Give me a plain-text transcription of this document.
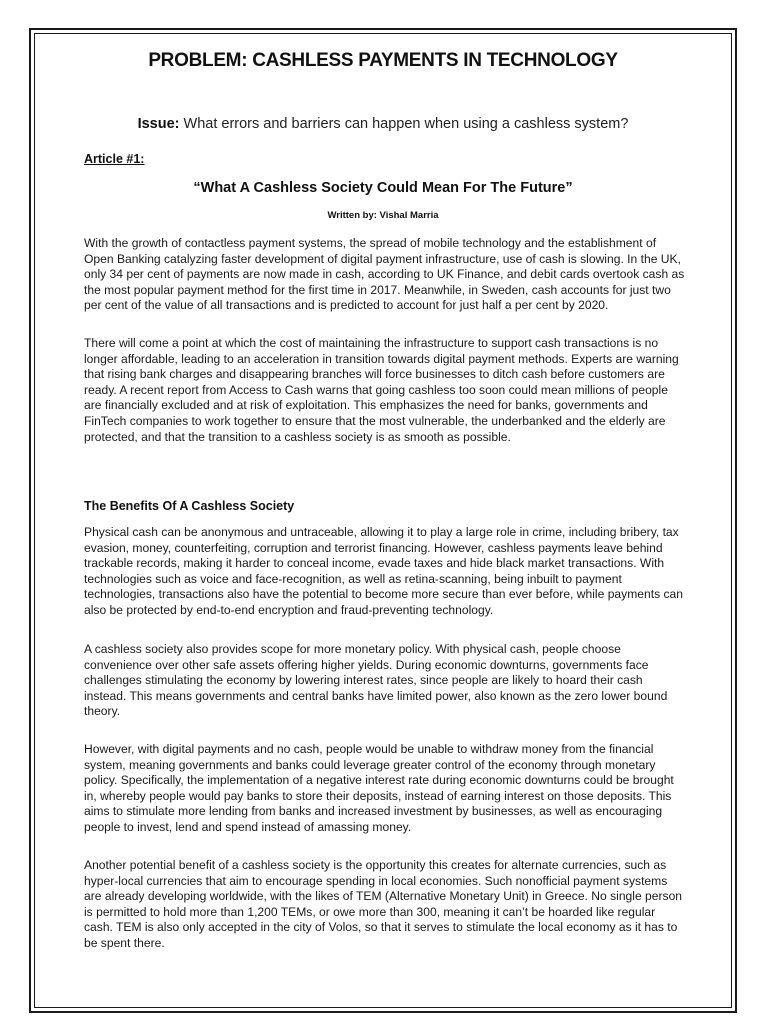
PROBLEM: CASHLESS PAYMENTS IN TECHNOLOGY

Issue: What errors and barriers can happen when using a cashless system?

Article #1:

“What A Cashless Society Could Mean For The Future”

Written by: Vishal Marria

With the growth of contactless payment systems, the spread of mobile technology and the establishment of Open Banking catalyzing faster development of digital payment infrastructure, use of cash is slowing. In the UK, only 34 per cent of payments are now made in cash, according to UK Finance, and debit cards overtook cash as the most popular payment method for the first time in 2017. Meanwhile, in Sweden, cash accounts for just two per cent of the value of all transactions and is predicted to account for just half a per cent by 2020.

There will come a point at which the cost of maintaining the infrastructure to support cash transactions is no longer affordable, leading to an acceleration in transition towards digital payment methods. Experts are warning that rising bank charges and disappearing branches will force businesses to ditch cash before customers are ready. A recent report from Access to Cash warns that going cashless too soon could mean millions of people are financially excluded and at risk of exploitation. This emphasizes the need for banks, governments and FinTech companies to work together to ensure that the most vulnerable, the underbanked and the elderly are protected, and that the transition to a cashless society is as smooth as possible.

The Benefits Of A Cashless Society

Physical cash can be anonymous and untraceable, allowing it to play a large role in crime, including bribery, tax evasion, money, counterfeiting, corruption and terrorist financing. However, cashless payments leave behind trackable records, making it harder to conceal income, evade taxes and hide black market transactions. With technologies such as voice and face-recognition, as well as retina-scanning, being inbuilt to payment technologies, transactions also have the potential to become more secure than ever before, while payments can also be protected by end-to-end encryption and fraud-preventing technology.

A cashless society also provides scope for more monetary policy. With physical cash, people choose convenience over other safe assets offering higher yields. During economic downturns, governments face challenges stimulating the economy by lowering interest rates, since people are likely to hoard their cash instead. This means governments and central banks have limited power, also known as the zero lower bound theory.

However, with digital payments and no cash, people would be unable to withdraw money from the financial system, meaning governments and banks could leverage greater control of the economy through monetary policy. Specifically, the implementation of a negative interest rate during economic downturns could be brought in, whereby people would pay banks to store their deposits, instead of earning interest on those deposits. This aims to stimulate more lending from banks and increased investment by businesses, as well as encouraging people to invest, lend and spend instead of amassing money.

Another potential benefit of a cashless society is the opportunity this creates for alternate currencies, such as hyper-local currencies that aim to encourage spending in local economies. Such nonofficial payment systems are already developing worldwide, with the likes of TEM (Alternative Monetary Unit) in Greece. No single person is permitted to hold more than 1,200 TEMs, or owe more than 300, meaning it can’t be hoarded like regular cash. TEM is also only accepted in the city of Volos, so that it serves to stimulate the local economy as it has to be spent there.
